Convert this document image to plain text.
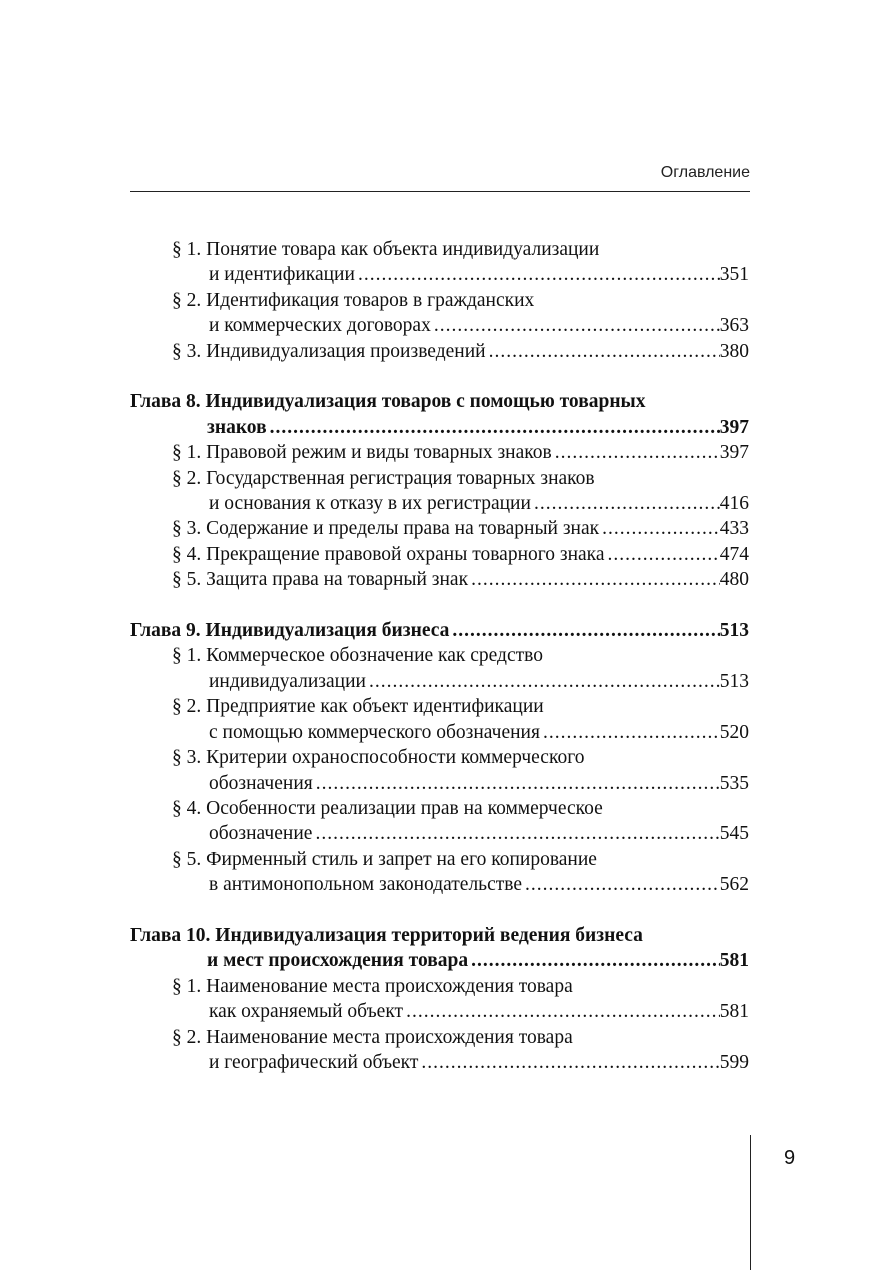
Оглавление
§ 1. Понятие товара как объекта индивидуализации
и идентификации .....	351
§ 2. Идентификация товаров в гражданских
и коммерческих договорах .....	363
§ 3. Индивидуализация произведений .....	380
Глава 8. Индивидуализация товаров с помощью товарных
знаков .....	397
§ 1. Правовой режим и виды товарных знаков .....	397
§ 2. Государственная регистрация товарных знаков
и основания к отказу в их регистрации .....	416
§ 3. Содержание и пределы права на товарный знак .....	433
§ 4. Прекращение правовой охраны товарного знака .....	474
§ 5. Защита права на товарный знак .....	480
Глава 9. Индивидуализация бизнеса .....	513
§ 1. Коммерческое обозначение как средство
индивидуализации .....	513
§ 2. Предприятие как объект идентификации
с помощью коммерческого обозначения .....	520
§ 3. Критерии охраноспособности коммерческого
обозначения .....	535
§ 4. Особенности реализации прав на коммерческое
обозначение .....	545
§ 5. Фирменный стиль и запрет на его копирование
в антимонопольном законодательстве .....	562
Глава 10. Индивидуализация территорий ведения бизнеса
и мест происхождения товара .....	581
§ 1. Наименование места происхождения товара
как охраняемый объект .....	581
§ 2. Наименование места происхождения товара
и географический объект .....	599
9
